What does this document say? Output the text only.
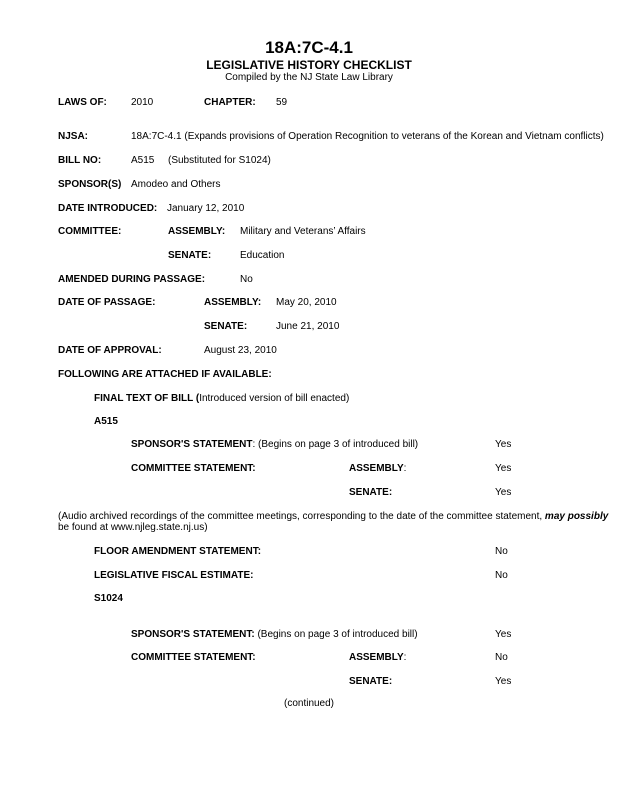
18A:7C-4.1
LEGISLATIVE HISTORY CHECKLIST
Compiled by the NJ State Law Library
LAWS OF: 2010	CHAPTER: 59
NJSA:	18A:7C-4.1 (Expands provisions of Operation Recognition to veterans of the Korean and Vietnam conflicts)
BILL NO:	A515 (Substituted for S1024)
SPONSOR(S) Amodeo and Others
DATE INTRODUCED: January 12, 2010
COMMITTEE:	ASSEMBLY: Military and Veterans’ Affairs
SENATE:	Education
AMENDED DURING PASSAGE:	No
DATE OF PASSAGE:	ASSEMBLY: May 20, 2010
SENATE:	June 21, 2010
DATE OF APPROVAL:	August 23, 2010
FOLLOWING ARE ATTACHED IF AVAILABLE:
FINAL TEXT OF BILL (Introduced version of bill enacted)
A515
SPONSOR'S STATEMENT: (Begins on page 3 of introduced bill)	Yes
COMMITTEE STATEMENT:	ASSEMBLY:	Yes
SENATE:	Yes
(Audio archived recordings of the committee meetings, corresponding to the date of the committee statement, may possibly
be found at www.njleg.state.nj.us)
FLOOR AMENDMENT STATEMENT:	No
LEGISLATIVE FISCAL ESTIMATE:	No
S1024
SPONSOR'S STATEMENT: (Begins on page 3 of introduced bill)	Yes
COMMITTEE STATEMENT:	ASSEMBLY:	No
SENATE:	Yes
(continued)
